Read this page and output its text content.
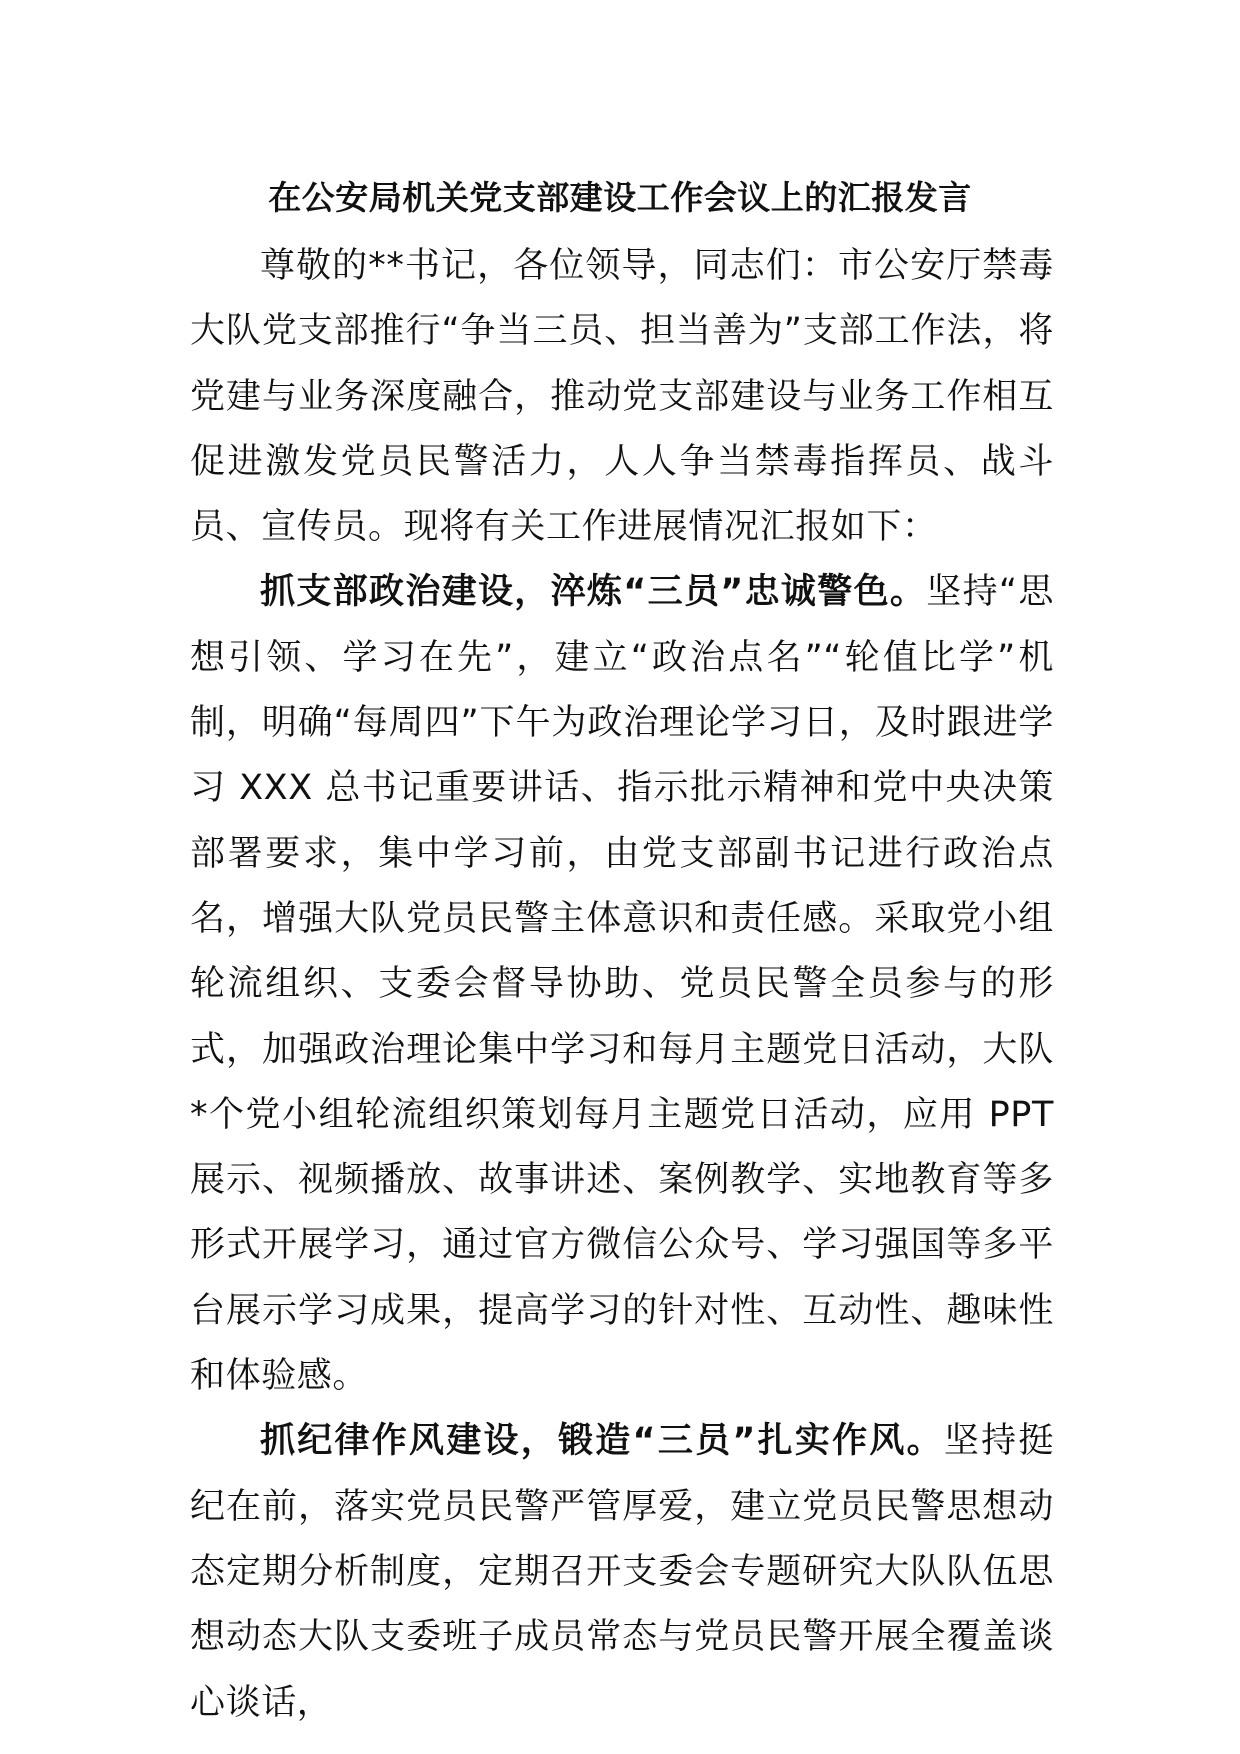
在公安局机关党支部建设工作会议上的汇报发言

尊敬的**书记，各位领导，同志们：市公安厅禁毒大队党支部推行“争当三员、担当善为”支部工作法，将党建与业务深度融合，推动党支部建设与业务工作相互促进激发党员民警活力，人人争当禁毒指挥员、战斗员、宣传员。现将有关工作进展情况汇报如下：

抓支部政治建设，淬炼“三员”忠诚警色。坚持“思想引领、学习在先”，建立“政治点名”“轮值比学”机制，明确“每周四”下午为政治理论学习日，及时跟进学习 XXX 总书记重要讲话、指示批示精神和党中央决策部署要求，集中学习前，由党支部副书记进行政治点名，增强大队党员民警主体意识和责任感。采取党小组轮流组织、支委会督导协助、党员民警全员参与的形式，加强政治理论集中学习和每月主题党日活动，大队*个党小组轮流组织策划每月主题党日活动，应用 PPT 展示、视频播放、故事讲述、案例教学、实地教育等多形式开展学习，通过官方微信公众号、学习强国等多平台展示学习成果，提高学习的针对性、互动性、趣味性和体验感。

抓纪律作风建设，锻造“三员”扎实作风。坚持挺纪在前，落实党员民警严管厚爱，建立党员民警思想动态定期分析制度，定期召开支委会专题研究大队队伍思想动态大队支委班子成员常态与党员民警开展全覆盖谈心谈话，
